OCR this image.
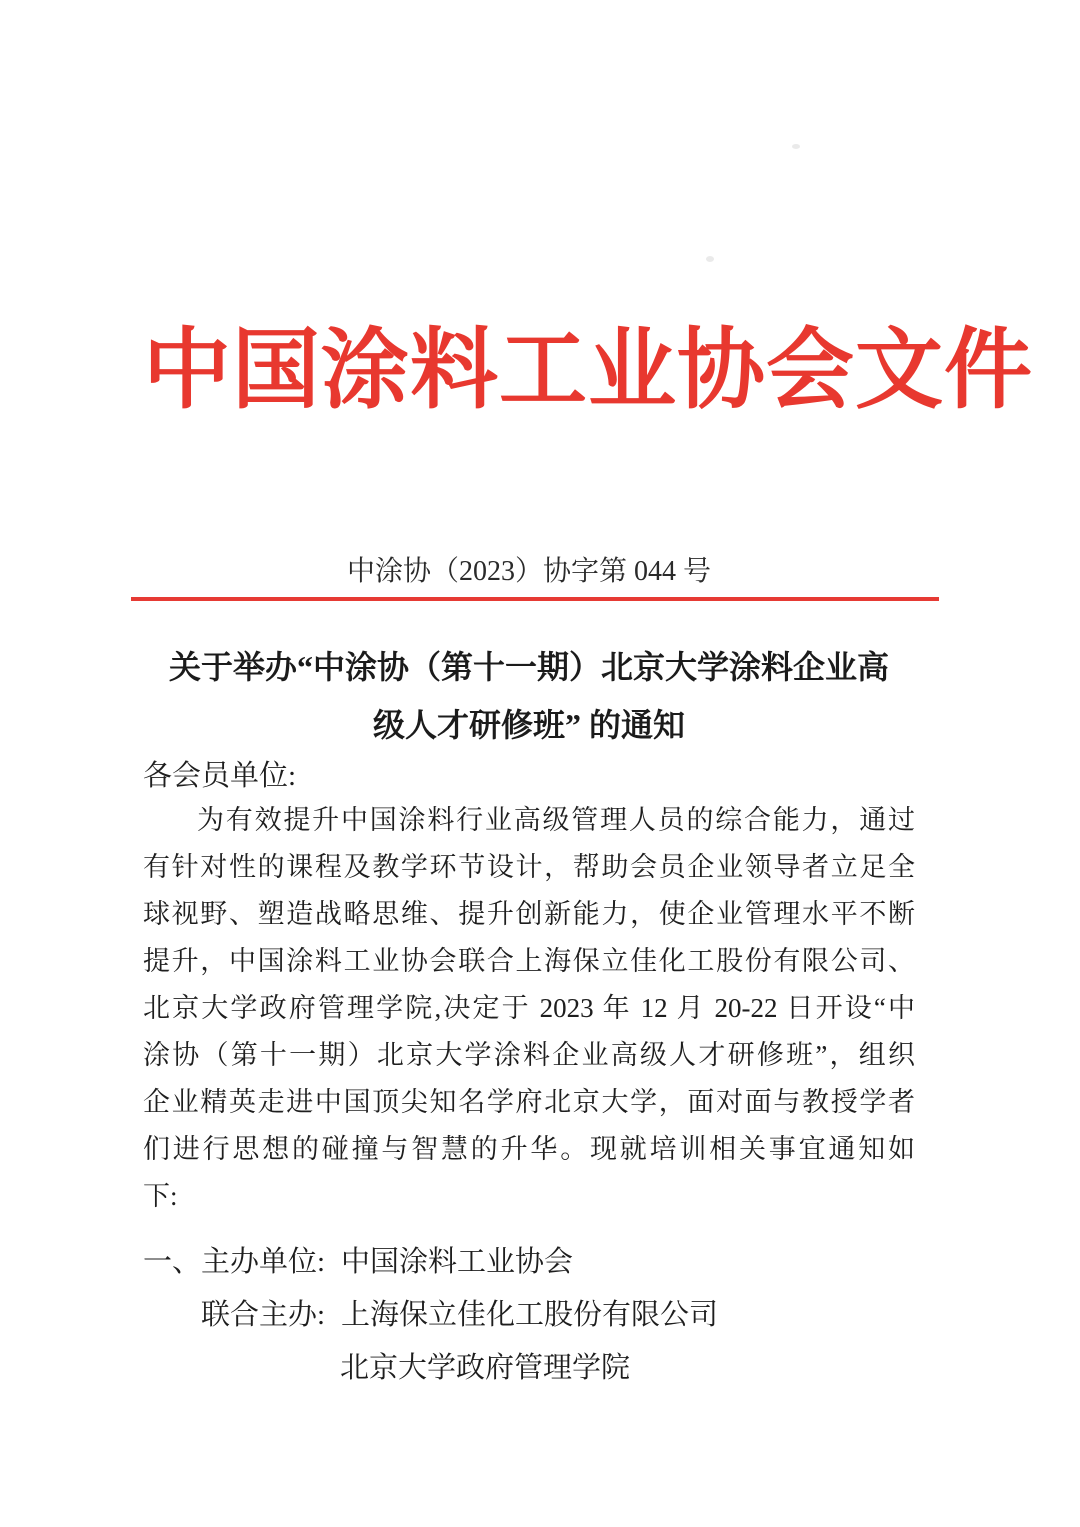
中国涂料工业协会文件
中涂协（2023）协字第 044 号
关于举办“中涂协（第十一期）北京大学涂料企业高
级人才研修班” 的通知
各会员单位:
为有效提升中国涂料行业高级管理人员的综合能力，通过
有针对性的课程及教学环节设计，帮助会员企业领导者立足全
球视野、塑造战略思维、提升创新能力，使企业管理水平不断
提升，中国涂料工业协会联合上海保立佳化工股份有限公司、
北京大学政府管理学院,决定于 2023 年 12 月 20-22 日开设“中
涂协（第十一期）北京大学涂料企业高级人才研修班”，组织
企业精英走进中国顶尖知名学府北京大学，面对面与教授学者
们进行思想的碰撞与智慧的升华。现就培训相关事宜通知如
下:
一、主办单位: 中国涂料工业协会
联合主办: 上海保立佳化工股份有限公司
北京大学政府管理学院
